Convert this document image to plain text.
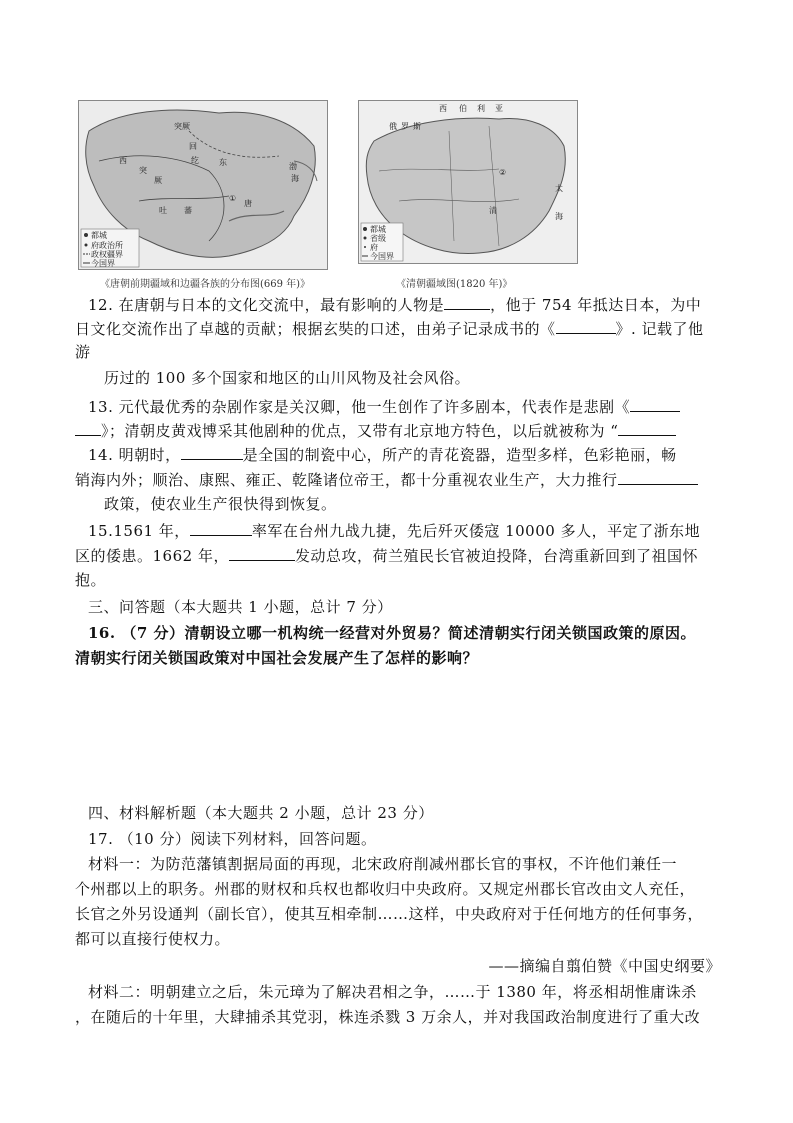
突厥
回
纥
西
突
厥
东
吐 蕃
唐
渤
海
①
都城
府政治所
政权疆界
今国界
《唐朝前期疆域和边疆各族的分布图(669 年)》
西 伯 利 亚
俄 罗 斯
清
②
海
太
都城
省级
府
今国界
《清朝疆域图(1820 年)》
12. 在唐朝与日本的文化交流中，最有影响的人物是	，他于 754 年抵达日本，为中
日文化交流作出了卓越的贡献；根据玄奘的口述，由弟子记录成书的《	》. 记载了他
游
历过的 100 多个国家和地区的山川风物及社会风俗。
13. 元代最优秀的杂剧作家是关汉卿，他一生创作了许多剧本，代表作是悲剧《
》；清朝皮黄戏博采其他剧种的优点，又带有北京地方特色，以后就被称为 “
14. 明朝时，	是全国的制瓷中心，所产的青花瓷器，造型多样，色彩艳丽，畅
销海内外；顺治、康熙、雍正、乾隆诸位帝王，都十分重视农业生产，大力推行
政策，使农业生产很快得到恢复。
15.1561 年，	率军在台州九战九捷，先后歼灭倭寇 10000 多人，平定了浙东地
区的倭患。1662 年，	发动总攻，荷兰殖民长官被迫投降，台湾重新回到了祖国怀
抱。
三、问答题（本大题共 1 小题，总计 7 分）
16. （7 分）清朝设立哪一机构统一经营对外贸易？简述清朝实行闭关锁国政策的原因。
清朝实行闭关锁国政策对中国社会发展产生了怎样的影响？
四、材料解析题（本大题共 2 小题，总计 23 分）
17. （10 分）阅读下列材料，回答问题。
材料一：为防范藩镇割据局面的再现，北宋政府削减州郡长官的事权，不许他们兼任一
个州郡以上的职务。州郡的财权和兵权也都收归中央政府。又规定州郡长官改由文人充任，
长官之外另设通判（副长官），使其互相牵制……这样，中央政府对于任何地方的任何事务，
都可以直接行使权力。
——摘编自翦伯赞《中国史纲要》
材料二：明朝建立之后，朱元璋为了解决君相之争，……于 1380 年，将丞相胡惟庸诛杀
，在随后的十年里，大肆捕杀其党羽，株连杀戮 3 万余人，并对我国政治制度进行了重大改
